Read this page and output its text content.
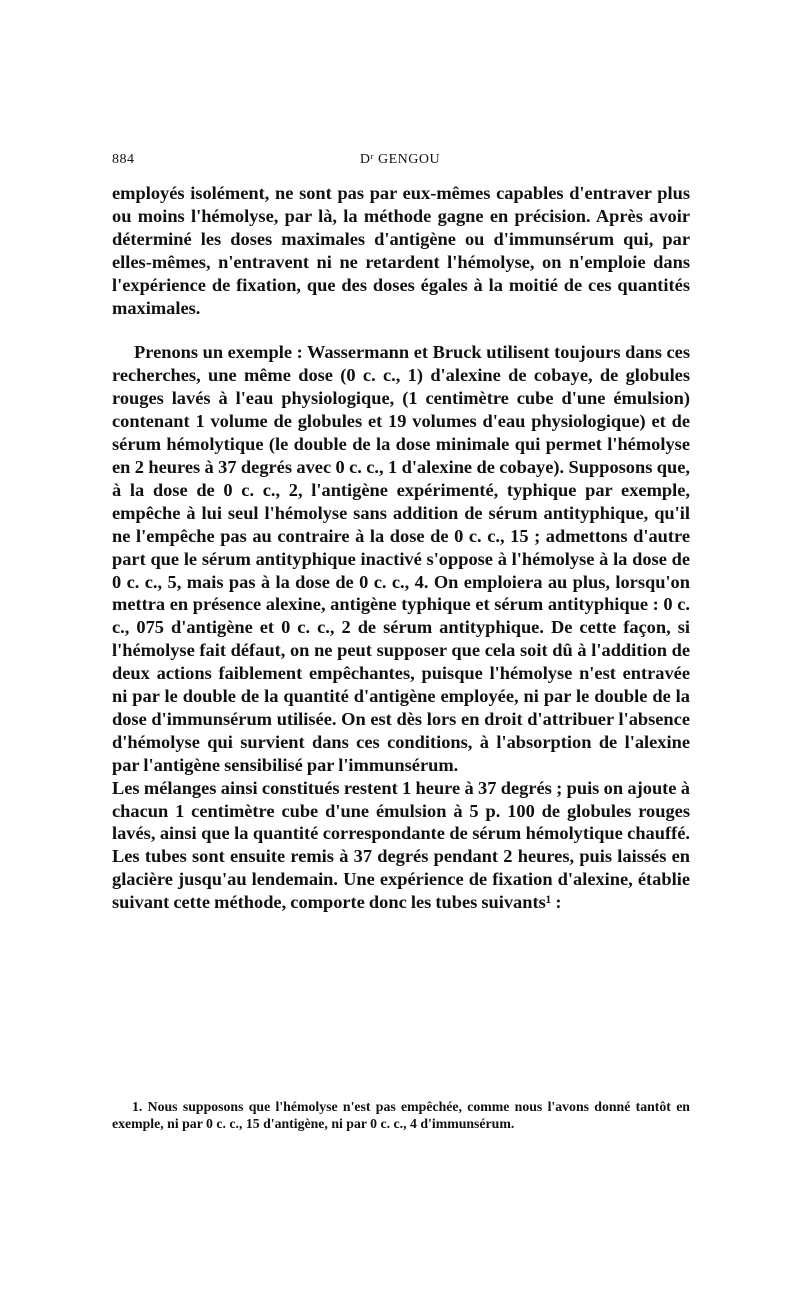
884	Dʳ GENGOU

employés isolément, ne sont pas par eux-mêmes capables d'entraver plus ou moins l'hémolyse, par là, la méthode gagne en précision. Après avoir déterminé les doses maximales d'antigène ou d'immunsérum qui, par elles-mêmes, n'entravent ni ne retardent l'hémolyse, on n'emploie dans l'expérience de fixation, que des doses égales à la moitié de ces quantités maximales.

Prenons un exemple : Wassermann et Bruck utilisent toujours dans ces recherches, une même dose (0 c. c., 1) d'alexine de cobaye, de globules rouges lavés à l'eau physiologique, (1 centimètre cube d'une émulsion) contenant 1 volume de globules et 19 volumes d'eau physiologique) et de sérum hémolytique (le double de la dose minimale qui permet l'hémolyse en 2 heures à 37 degrés avec 0 c. c., 1 d'alexine de cobaye). Supposons que, à la dose de 0 c. c., 2, l'antigène expérimenté, typhique par exemple, empêche à lui seul l'hémolyse sans addition de sérum antityphique, qu'il ne l'empêche pas au contraire à la dose de 0 c. c., 15 ; admettons d'autre part que le sérum antityphique inactivé s'oppose à l'hémolyse à la dose de 0 c. c., 5, mais pas à la dose de 0 c. c., 4. On emploiera au plus, lorsqu'on mettra en présence alexine, antigène typhique et sérum antityphique : 0 c. c., 075 d'antigène et 0 c. c., 2 de sérum antityphique. De cette façon, si l'hémolyse fait défaut, on ne peut supposer que cela soit dû à l'addition de deux actions faiblement empêchantes, puisque l'hémolyse n'est entravée ni par le double de la quantité d'antigène employée, ni par le double de la dose d'immunsérum utilisée. On est dès lors en droit d'attribuer l'absence d'hémolyse qui survient dans ces conditions, à l'absorption de l'alexine par l'antigène sensibilisé par l'immunsérum.

Les mélanges ainsi constitués restent 1 heure à 37 degrés ; puis on ajoute à chacun 1 centimètre cube d'une émulsion à 5 p. 100 de globules rouges lavés, ainsi que la quantité correspondante de sérum hémolytique chauffé. Les tubes sont ensuite remis à 37 degrés pendant 2 heures, puis laissés en glacière jusqu'au lendemain. Une expérience de fixation d'alexine, établie suivant cette méthode, comporte donc les tubes suivants¹ :

1. Nous supposons que l'hémolyse n'est pas empêchée, comme nous l'avons donné tantôt en exemple, ni par 0 c. c., 15 d'antigène, ni par 0 c. c., 4 d'immunsérum.
